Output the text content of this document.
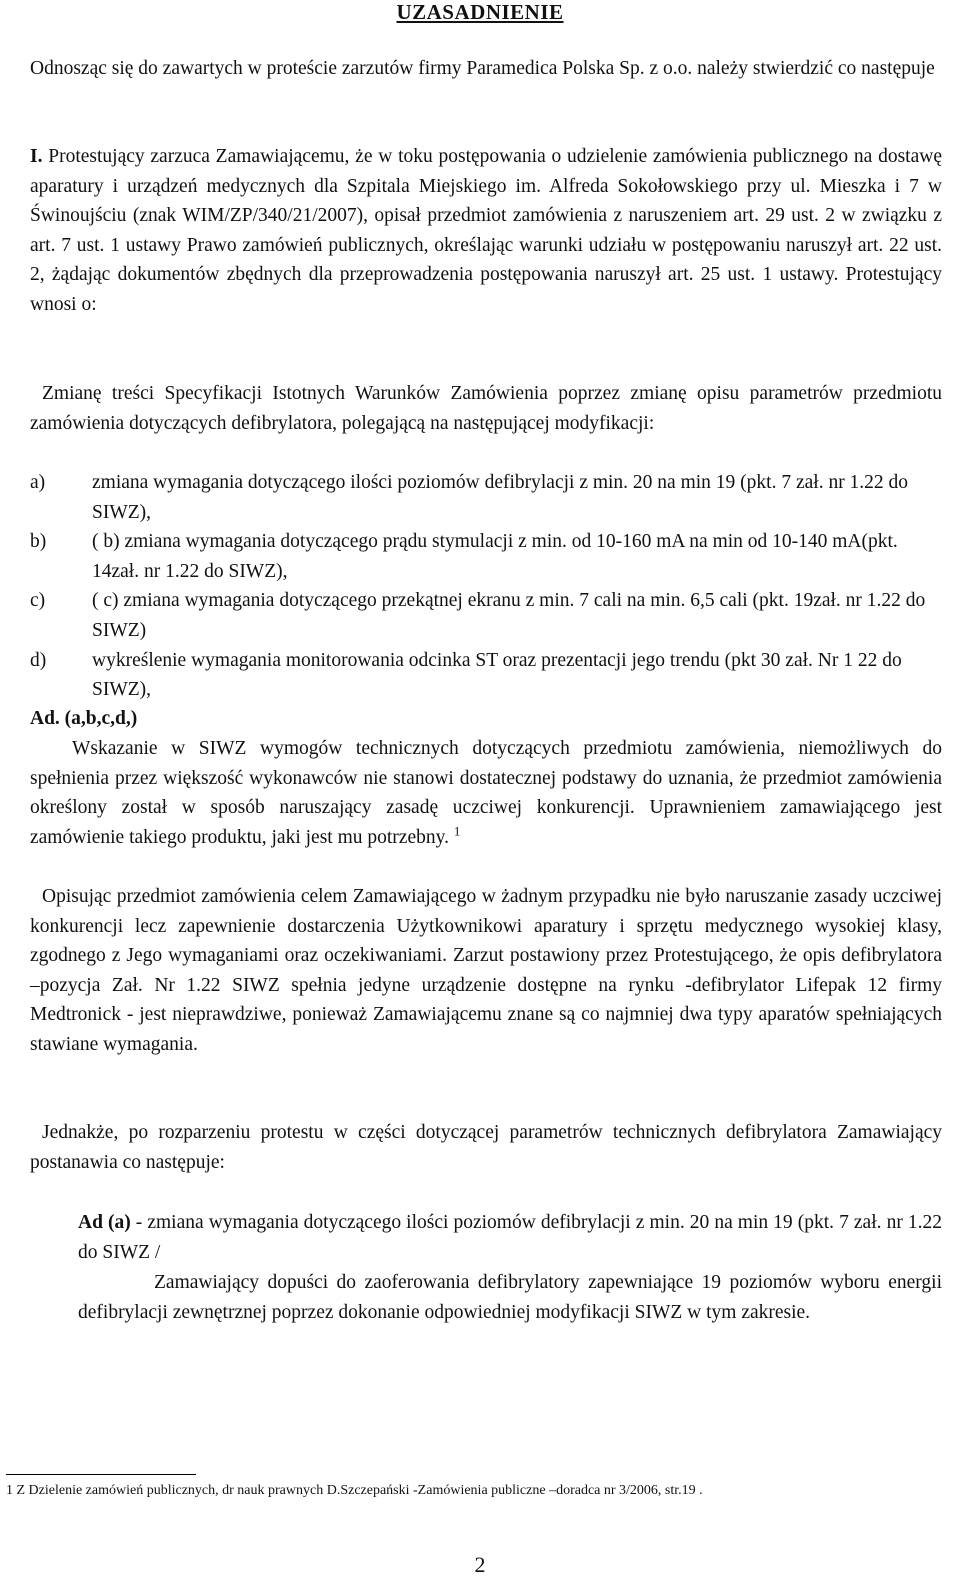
UZASADNIENIE
Odnosząc się do zawartych w proteście zarzutów firmy Paramedica Polska Sp. z o.o. należy stwierdzić co następuje
I. Protestujący zarzuca Zamawiającemu, że w toku postępowania o udzielenie zamówienia publicznego na dostawę aparatury i urządzeń medycznych dla Szpitala Miejskiego im. Alfreda Sokołowskiego przy ul. Mieszka i 7 w Świnoujściu (znak WIM/ZP/340/21/2007), opisał przedmiot zamówienia z naruszeniem art. 29 ust. 2 w związku z art. 7 ust. 1 ustawy Prawo zamówień publicznych, określając warunki udziału w postępowaniu naruszył art. 22 ust. 2, żądając dokumentów zbędnych dla przeprowadzenia postępowania naruszył art. 25 ust. 1 ustawy. Protestujący wnosi o:
Zmianę treści Specyfikacji Istotnych Warunków Zamówienia poprzez zmianę opisu parametrów przedmiotu zamówienia dotyczących defibrylatora, polegającą na następującej modyfikacji:
a)	zmiana wymagania dotyczącego ilości poziomów defibrylacji z min. 20 na min 19 (pkt. 7 zał. nr 1.22 do SIWZ),
b)	( b) zmiana wymagania dotyczącego prądu stymulacji z min. od 10-160 mA na min od 10-140 mA(pkt. 14zał. nr 1.22 do SIWZ),
c)	( c) zmiana wymagania dotyczącego przekątnej ekranu z min. 7 cali na min. 6,5 cali (pkt. 19zał. nr 1.22 do SIWZ)
d)	wykreślenie wymagania monitorowania odcinka ST oraz prezentacji jego trendu (pkt 30 zał. Nr 1 22 do SIWZ),
Ad. (a,b,c,d,)
Wskazanie w SIWZ wymogów technicznych dotyczących przedmiotu zamówienia, niemożliwych do spełnienia przez większość wykonawców nie stanowi dostatecznej podstawy do uznania, że przedmiot zamówienia określony został w sposób naruszający zasadę uczciwej konkurencji. Uprawnieniem zamawiającego jest zamówienie takiego produktu, jaki jest mu potrzebny. $^1$
Opisując przedmiot zamówienia celem Zamawiającego w żadnym przypadku nie było naruszanie zasady uczciwej konkurencji lecz zapewnienie dostarczenia Użytkownikowi aparatury i sprzętu medycznego wysokiej klasy, zgodnego z Jego wymaganiami oraz oczekiwaniami. Zarzut postawiony przez Protestującego, że opis defibrylatora –pozycja Zał. Nr 1.22 SIWZ spełnia jedyne urządzenie dostępne na rynku -defibrylator Lifepak 12 firmy Medtronick - jest nieprawdziwe, ponieważ Zamawiającemu znane są co najmniej dwa typy aparatów spełniających stawiane wymagania.
Jednakże, po rozparzeniu protestu w części dotyczącej parametrów technicznych defibrylatora Zamawiający postanawia co następuje:
Ad (a) - zmiana wymagania dotyczącego ilości poziomów defibrylacji z min. 20 na min 19 (pkt. 7 zał. nr 1.22 do SIWZ /
Zamawiający dopuści do zaoferowania defibrylatory zapewniające 19 poziomów wyboru energii defibrylacji zewnętrznej poprzez dokonanie odpowiedniej modyfikacji SIWZ w tym zakresie.
1 Z Dzielenie zamówień publicznych, dr nauk prawnych D.Szczepański -Zamówienia publiczne –doradca nr 3/2006, str.19 .
2
